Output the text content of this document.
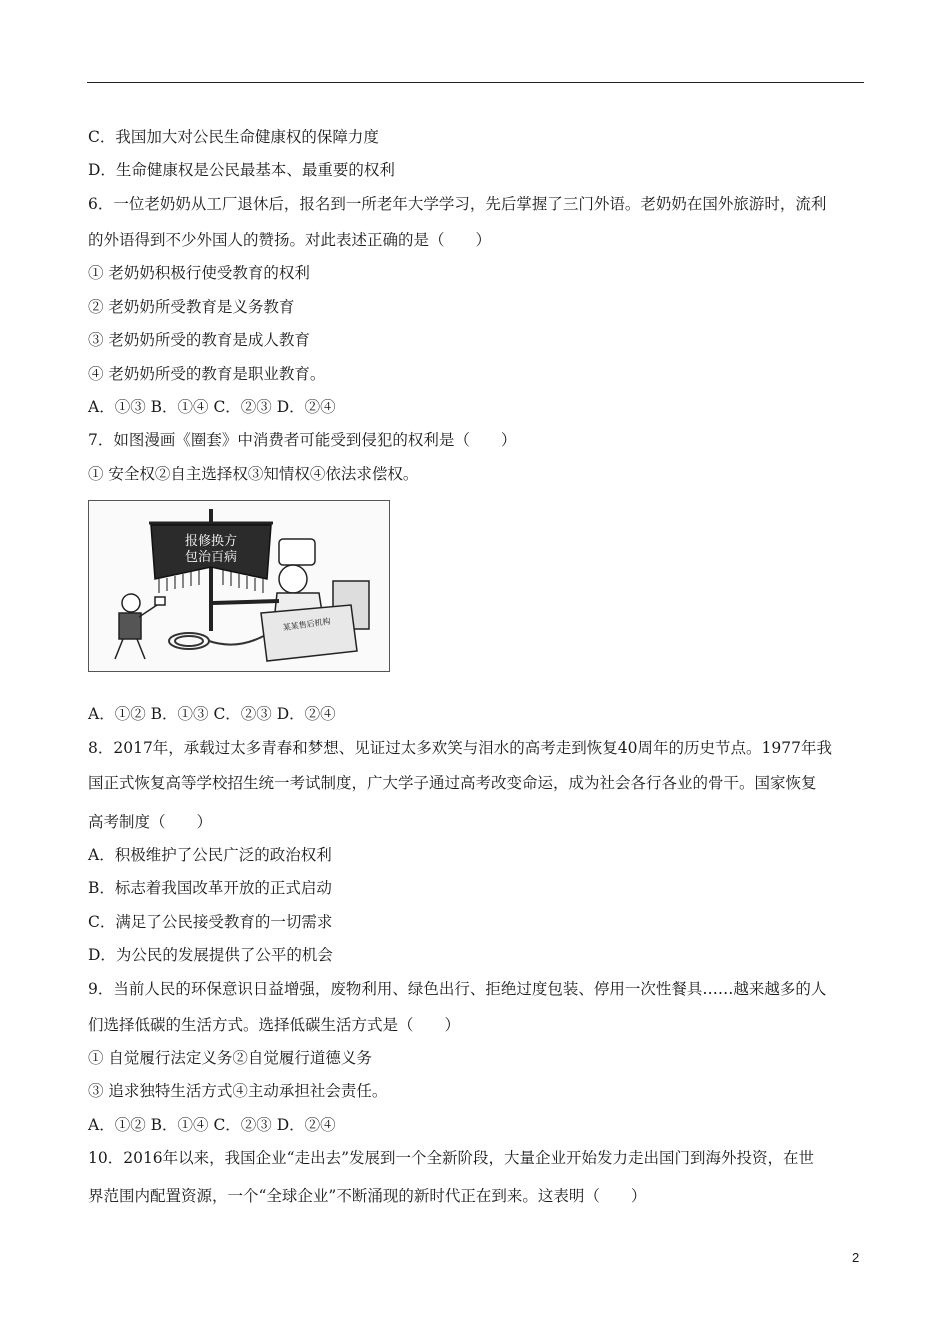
C．我国加大对公民生命健康权的保障力度
D．生命健康权是公民最基本、最重要的权利
6．一位老奶奶从工厂退休后，报名到一所老年大学学习，先后掌握了三门外语。老奶奶在国外旅游时，流利
的外语得到不少外国人的赞扬。对此表述正确的是（　　）
① 老奶奶积极行使受教育的权利
② 老奶奶所受教育是义务教育
③ 老奶奶所受的教育是成人教育
④ 老奶奶所受的教育是职业教育。
A．①③ B．①④ C．②③ D．②④
7．如图漫画《圈套》中消费者可能受到侵犯的权利是（　　）
① 安全权②自主选择权③知情权④依法求偿权。
报修换方
包治百病
某某售后机构
A．①② B．①③ C．②③ D．②④
8．2017年，承载过太多青春和梦想、见证过太多欢笑与泪水的高考走到恢复40周年的历史节点。1977年我
国正式恢复高等学校招生统一考试制度，广大学子通过高考改变命运，成为社会各行各业的骨干。国家恢复
高考制度（　　）
A．积极维护了公民广泛的政治权利
B．标志着我国改革开放的正式启动
C．满足了公民接受教育的一切需求
D．为公民的发展提供了公平的机会
9．当前人民的环保意识日益增强，废物利用、绿色出行、拒绝过度包装、停用一次性餐具……越来越多的人
们选择低碳的生活方式。选择低碳生活方式是（　　）
① 自觉履行法定义务②自觉履行道德义务
③ 追求独特生活方式④主动承担社会责任。
A．①② B．①④ C．②③ D．②④
10．2016年以来，我国企业“走出去”发展到一个全新阶段，大量企业开始发力走出国门到海外投资，在世
界范围内配置资源，一个“全球企业”不断涌现的新时代正在到来。这表明（　　）
2
